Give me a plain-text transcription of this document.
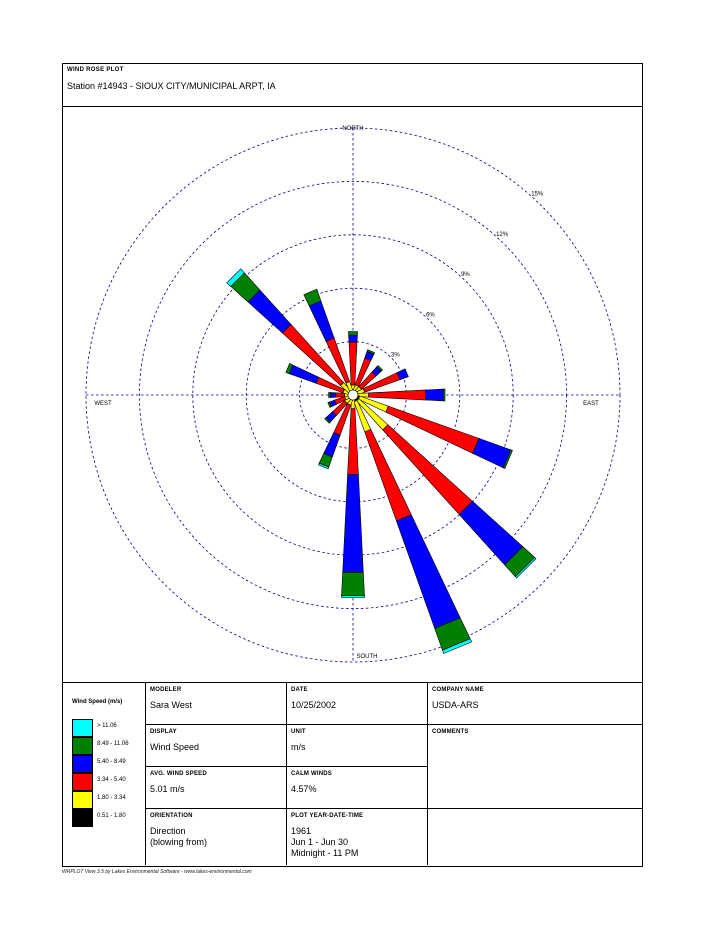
WIND ROSE PLOT
Station #14943 - SIOUX CITY/MUNICIPAL ARPT, IA
3%
6%
9%
12%
15%
NORTH
SOUTH
WEST	EAST
Wind Speed (m/s)
> 11.06
8.49 - 11.06
5.40 - 8.49
3.34 - 5.40
1.80 - 3.34
0.51 - 1.80
MODELER
Sara West
DATE
10/25/2002
COMPANY NAME
USDA-ARS
DISPLAY
Wind Speed
UNIT
m/s
COMMENTS
AVG. WIND SPEED
5.01 m/s
CALM WINDS
4.57%
ORIENTATION
Direction
(blowing from)
PLOT YEAR-DATE-TIME
1961
Jun 1 - Jun 30
Midnight - 11 PM
WRPLOT View 3.5 by Lakes Environmental Software - www.lakes-environmental.com
